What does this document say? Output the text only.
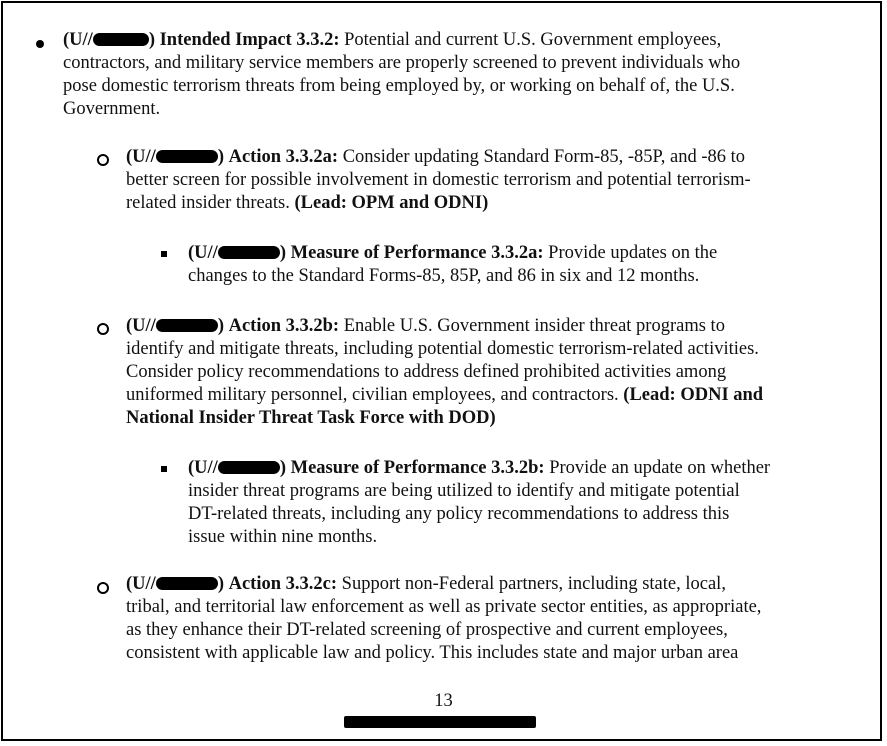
(U//	) Intended Impact 3.3.2: Potential and current U.S. Government employees,

contractors, and military service members are properly screened to prevent individuals who

pose domestic terrorism threats from being employed by, or working on behalf of, the U.S.

Government.

(U//	) Action 3.3.2a: Consider updating Standard Form-85, -85P, and -86 to

better screen for possible involvement in domestic terrorism and potential terrorism-

related insider threats. (Lead: OPM and ODNI)

(U//	) Measure of Performance 3.3.2a: Provide updates on the

changes to the Standard Forms-85, 85P, and 86 in six and 12 months.

(U//	) Action 3.3.2b: Enable U.S. Government insider threat programs to

identify and mitigate threats, including potential domestic terrorism-related activities.

Consider policy recommendations to address defined prohibited activities among

uniformed military personnel, civilian employees, and contractors. (Lead: ODNI and

National Insider Threat Task Force with DOD)

(U//	) Measure of Performance 3.3.2b: Provide an update on whether

insider threat programs are being utilized to identify and mitigate potential

DT-related threats, including any policy recommendations to address this

issue within nine months.

(U//	) Action 3.3.2c: Support non-Federal partners, including state, local,

tribal, and territorial law enforcement as well as private sector entities, as appropriate,

as they enhance their DT-related screening of prospective and current employees,

consistent with applicable law and policy. This includes state and major urban area

13
